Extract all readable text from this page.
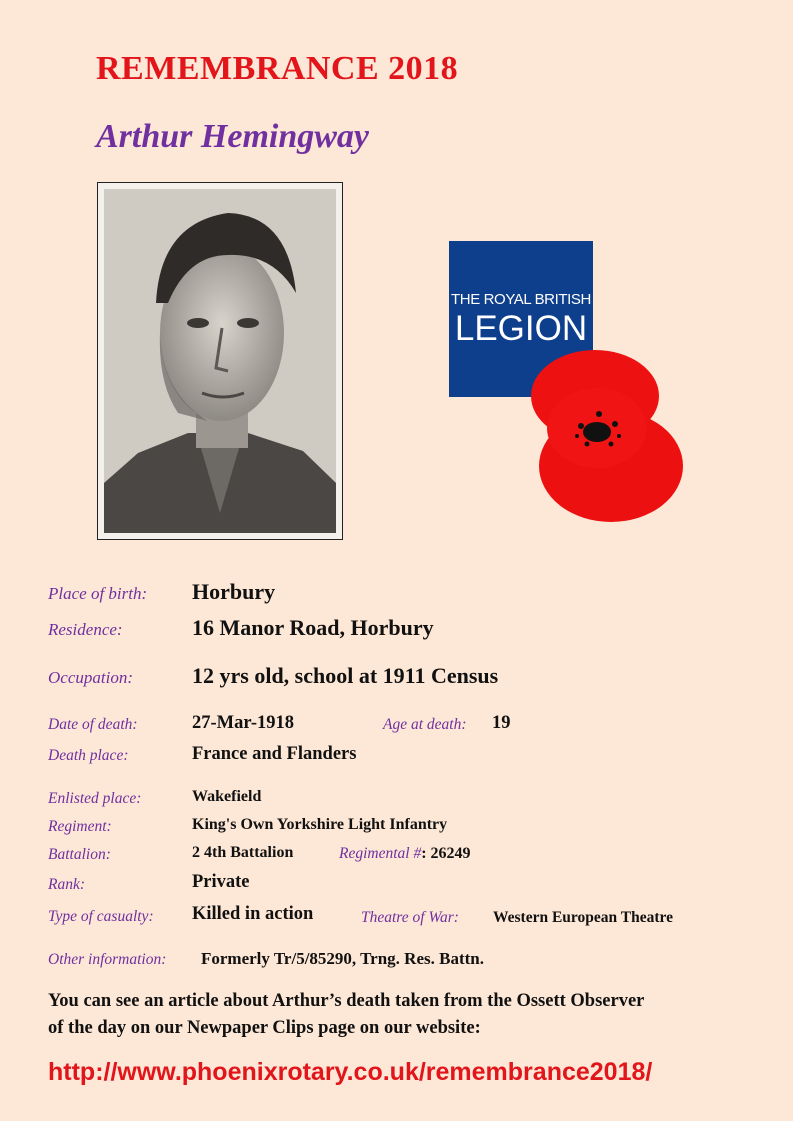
REMEMBRANCE 2018
Arthur Hemingway
THE ROYAL BRITISH
LEGION
Place of birth: Horbury
Residence:	16 Manor Road, Horbury
Occupation:	12 yrs old, school at 1911 Census
Date of death:	27-Mar-1918	Age at death: 19
Death place:	France and Flanders
Enlisted place:	Wakefield
Regiment:	King's Own Yorkshire Light Infantry
Battalion:	2 4th Battalion	Regimental #: 26249
Rank:	Private
Type of casualty: Killed in action	Theatre of War: Western European Theatre
Other information: Formerly Tr/5/85290, Trng. Res. Battn.
You can see an article about Arthur’s death taken from the Ossett Observer
of the day on our Newpaper Clips page on our website:
http://www.phoenixrotary.co.uk/remembrance2018/
